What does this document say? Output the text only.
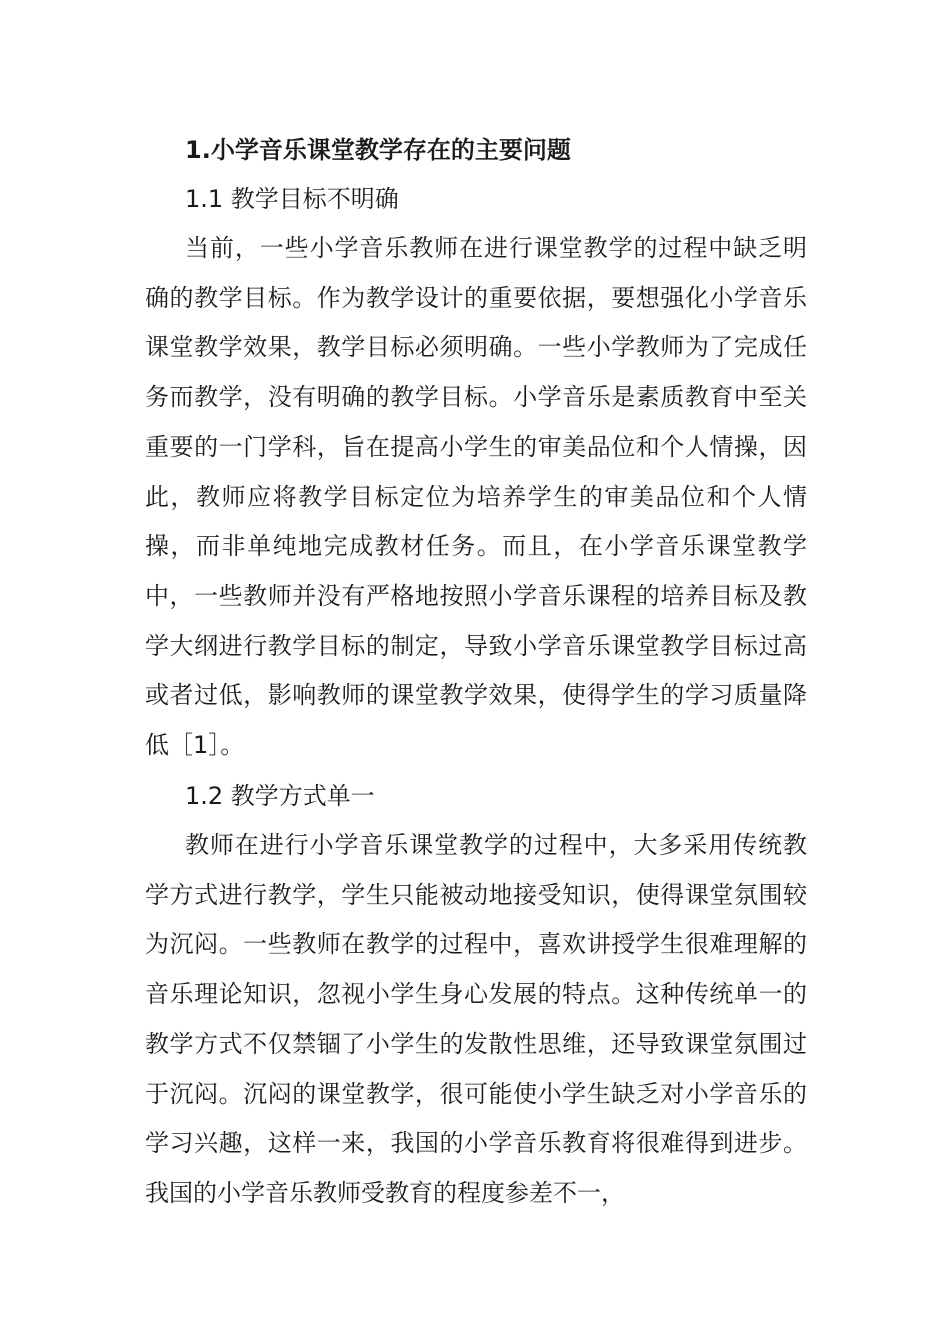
1.小学音乐课堂教学存在的主要问题
1.1 教学目标不明确

当前，一些小学音乐教师在进行课堂教学的过程中缺乏明确的教学目标。作为教学设计的重要依据，要想强化小学音乐课堂教学效果，教学目标必须明确。一些小学教师为了完成任务而教学，没有明确的教学目标。小学音乐是素质教育中至关重要的一门学科，旨在提高小学生的审美品位和个人情操，因此，教师应将教学目标定位为培养学生的审美品位和个人情操，而非单纯地完成教材任务。而且，在小学音乐课堂教学中，一些教师并没有严格地按照小学音乐课程的培养目标及教学大纲进行教学目标的制定，导致小学音乐课堂教学目标过高或者过低，影响教师的课堂教学效果，使得学生的学习质量降低［1］。

1.2 教学方式单一

教师在进行小学音乐课堂教学的过程中，大多采用传统教学方式进行教学，学生只能被动地接受知识，使得课堂氛围较为沉闷。一些教师在教学的过程中，喜欢讲授学生很难理解的音乐理论知识，忽视小学生身心发展的特点。这种传统单一的教学方式不仅禁锢了小学生的发散性思维，还导致课堂氛围过于沉闷。沉闷的课堂教学，很可能使小学生缺乏对小学音乐的学习兴趣，这样一来，我国的小学音乐教育将很难得到进步。我国的小学音乐教师受教育的程度参差不一，
